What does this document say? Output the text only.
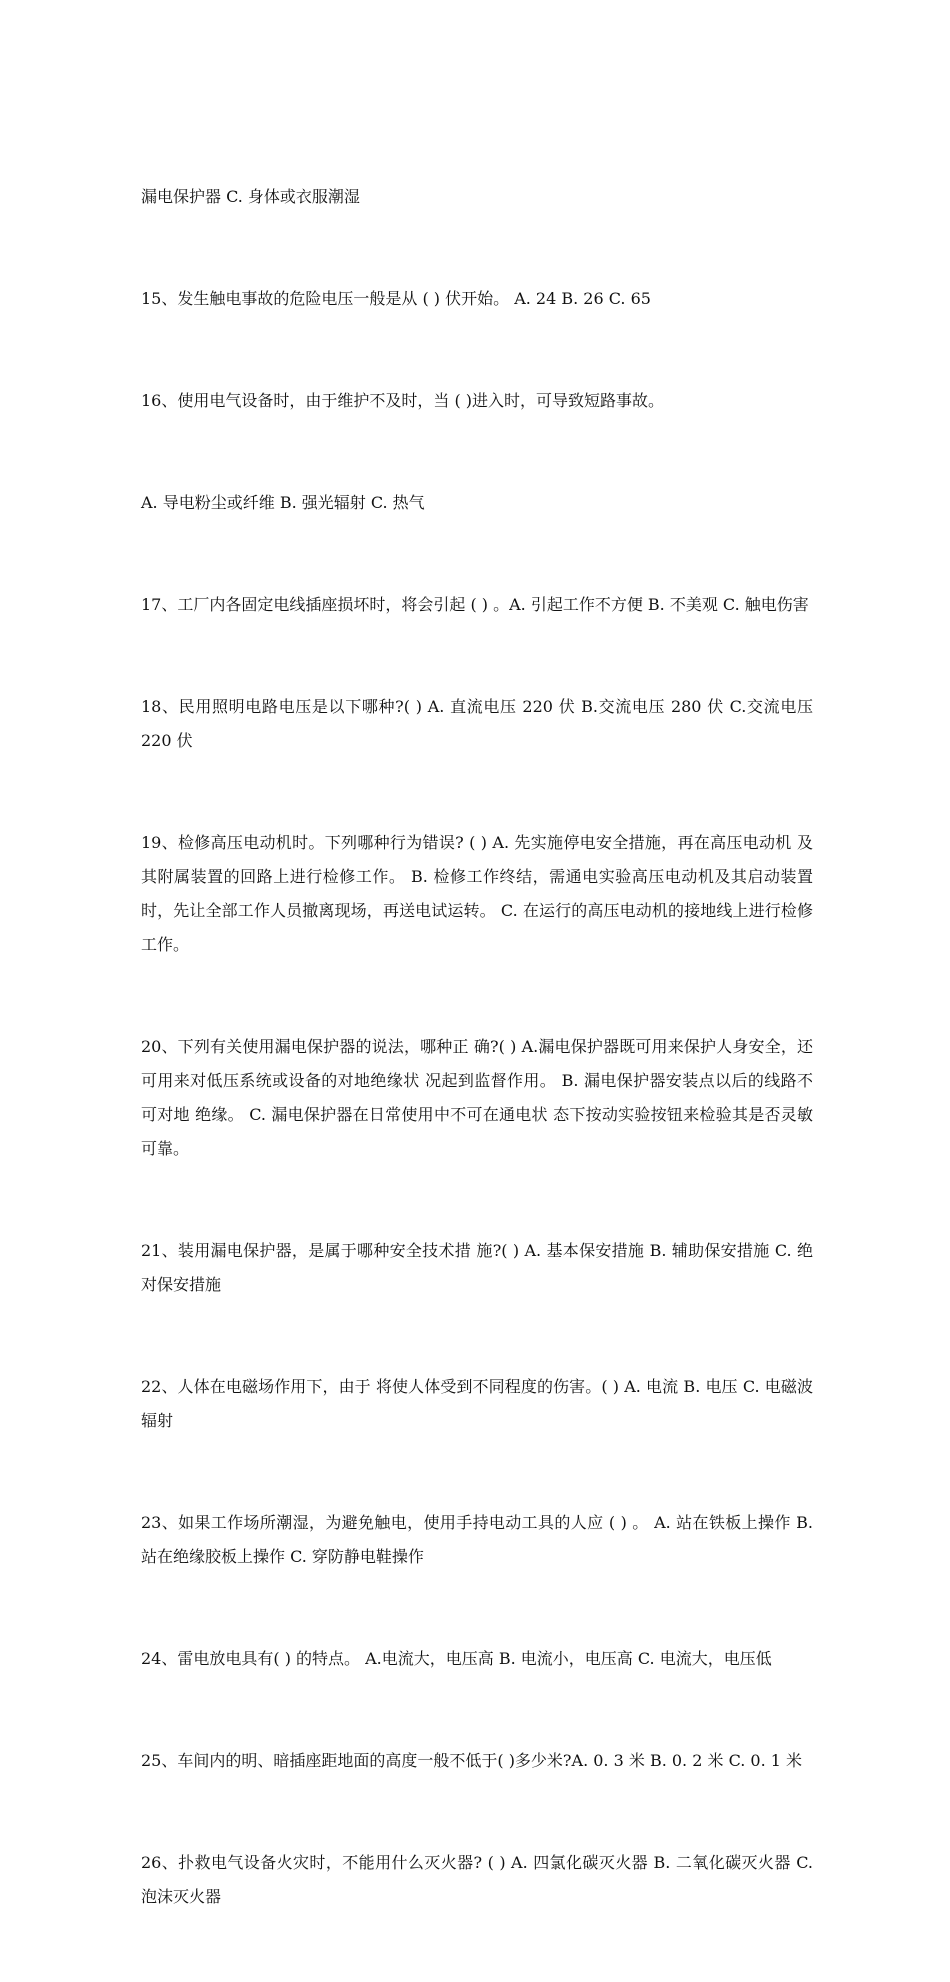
漏电保护器 C. 身体或衣服潮湿

15、发生触电事故的危险电压一般是从 ( ) 伏开始。 A. 24 B. 26 C. 65

16、使用电气设备时，由于维护不及时，当 ( )进入时，可导致短路事故。

A. 导电粉尘或纤维 B. 强光辐射 C. 热气

17、工厂内各固定电线插座损坏时，将会引起 ( ) 。A. 引起工作不方便 B. 不美观 C. 触电伤害

18、民用照明电路电压是以下哪种?( ) A. 直流电压 220 伏 B.交流电压 280 伏 C.交流电压 220 伏

19、检修高压电动机时。下列哪种行为错误? ( ) A. 先实施停电安全措施，再在高压电动机 及其附属装置的回路上进行检修工作。 B. 检修工作终结，需通电实验高压电动机及其启动装置时，先让全部工作人员撤离现场，再送电试运转。 C. 在运行的高压电动机的接地线上进行检修工作。

20、下列有关使用漏电保护器的说法，哪种正 确?( ) A.漏电保护器既可用来保护人身安全，还 可用来对低压系统或设备的对地绝缘状 况起到监督作用。 B. 漏电保护器安装点以后的线路不可对地 绝缘。 C. 漏电保护器在日常使用中不可在通电状 态下按动实验按钮来检验其是否灵敏可靠。

21、装用漏电保护器，是属于哪种安全技术措 施?( ) A. 基本保安措施 B. 辅助保安措施 C. 绝对保安措施

22、人体在电磁场作用下，由于 将使人体受到不同程度的伤害。( ) A. 电流 B. 电压 C. 电磁波辐射

23、如果工作场所潮湿，为避免触电，使用手持电动工具的人应 ( ) 。 A. 站在铁板上操作 B. 站在绝缘胶板上操作 C. 穿防静电鞋操作

24、雷电放电具有( ) 的特点。 A.电流大，电压高 B. 电流小，电压高 C. 电流大，电压低

25、车间内的明、暗插座距地面的高度一般不低于( )多少米?A. 0. 3 米 B. 0. 2 米 C. 0. 1 米

26、扑救电气设备火灾时，不能用什么灭火器? ( ) A. 四氯化碳灭火器 B. 二氧化碳灭火器 C. 泡沫灭火器
